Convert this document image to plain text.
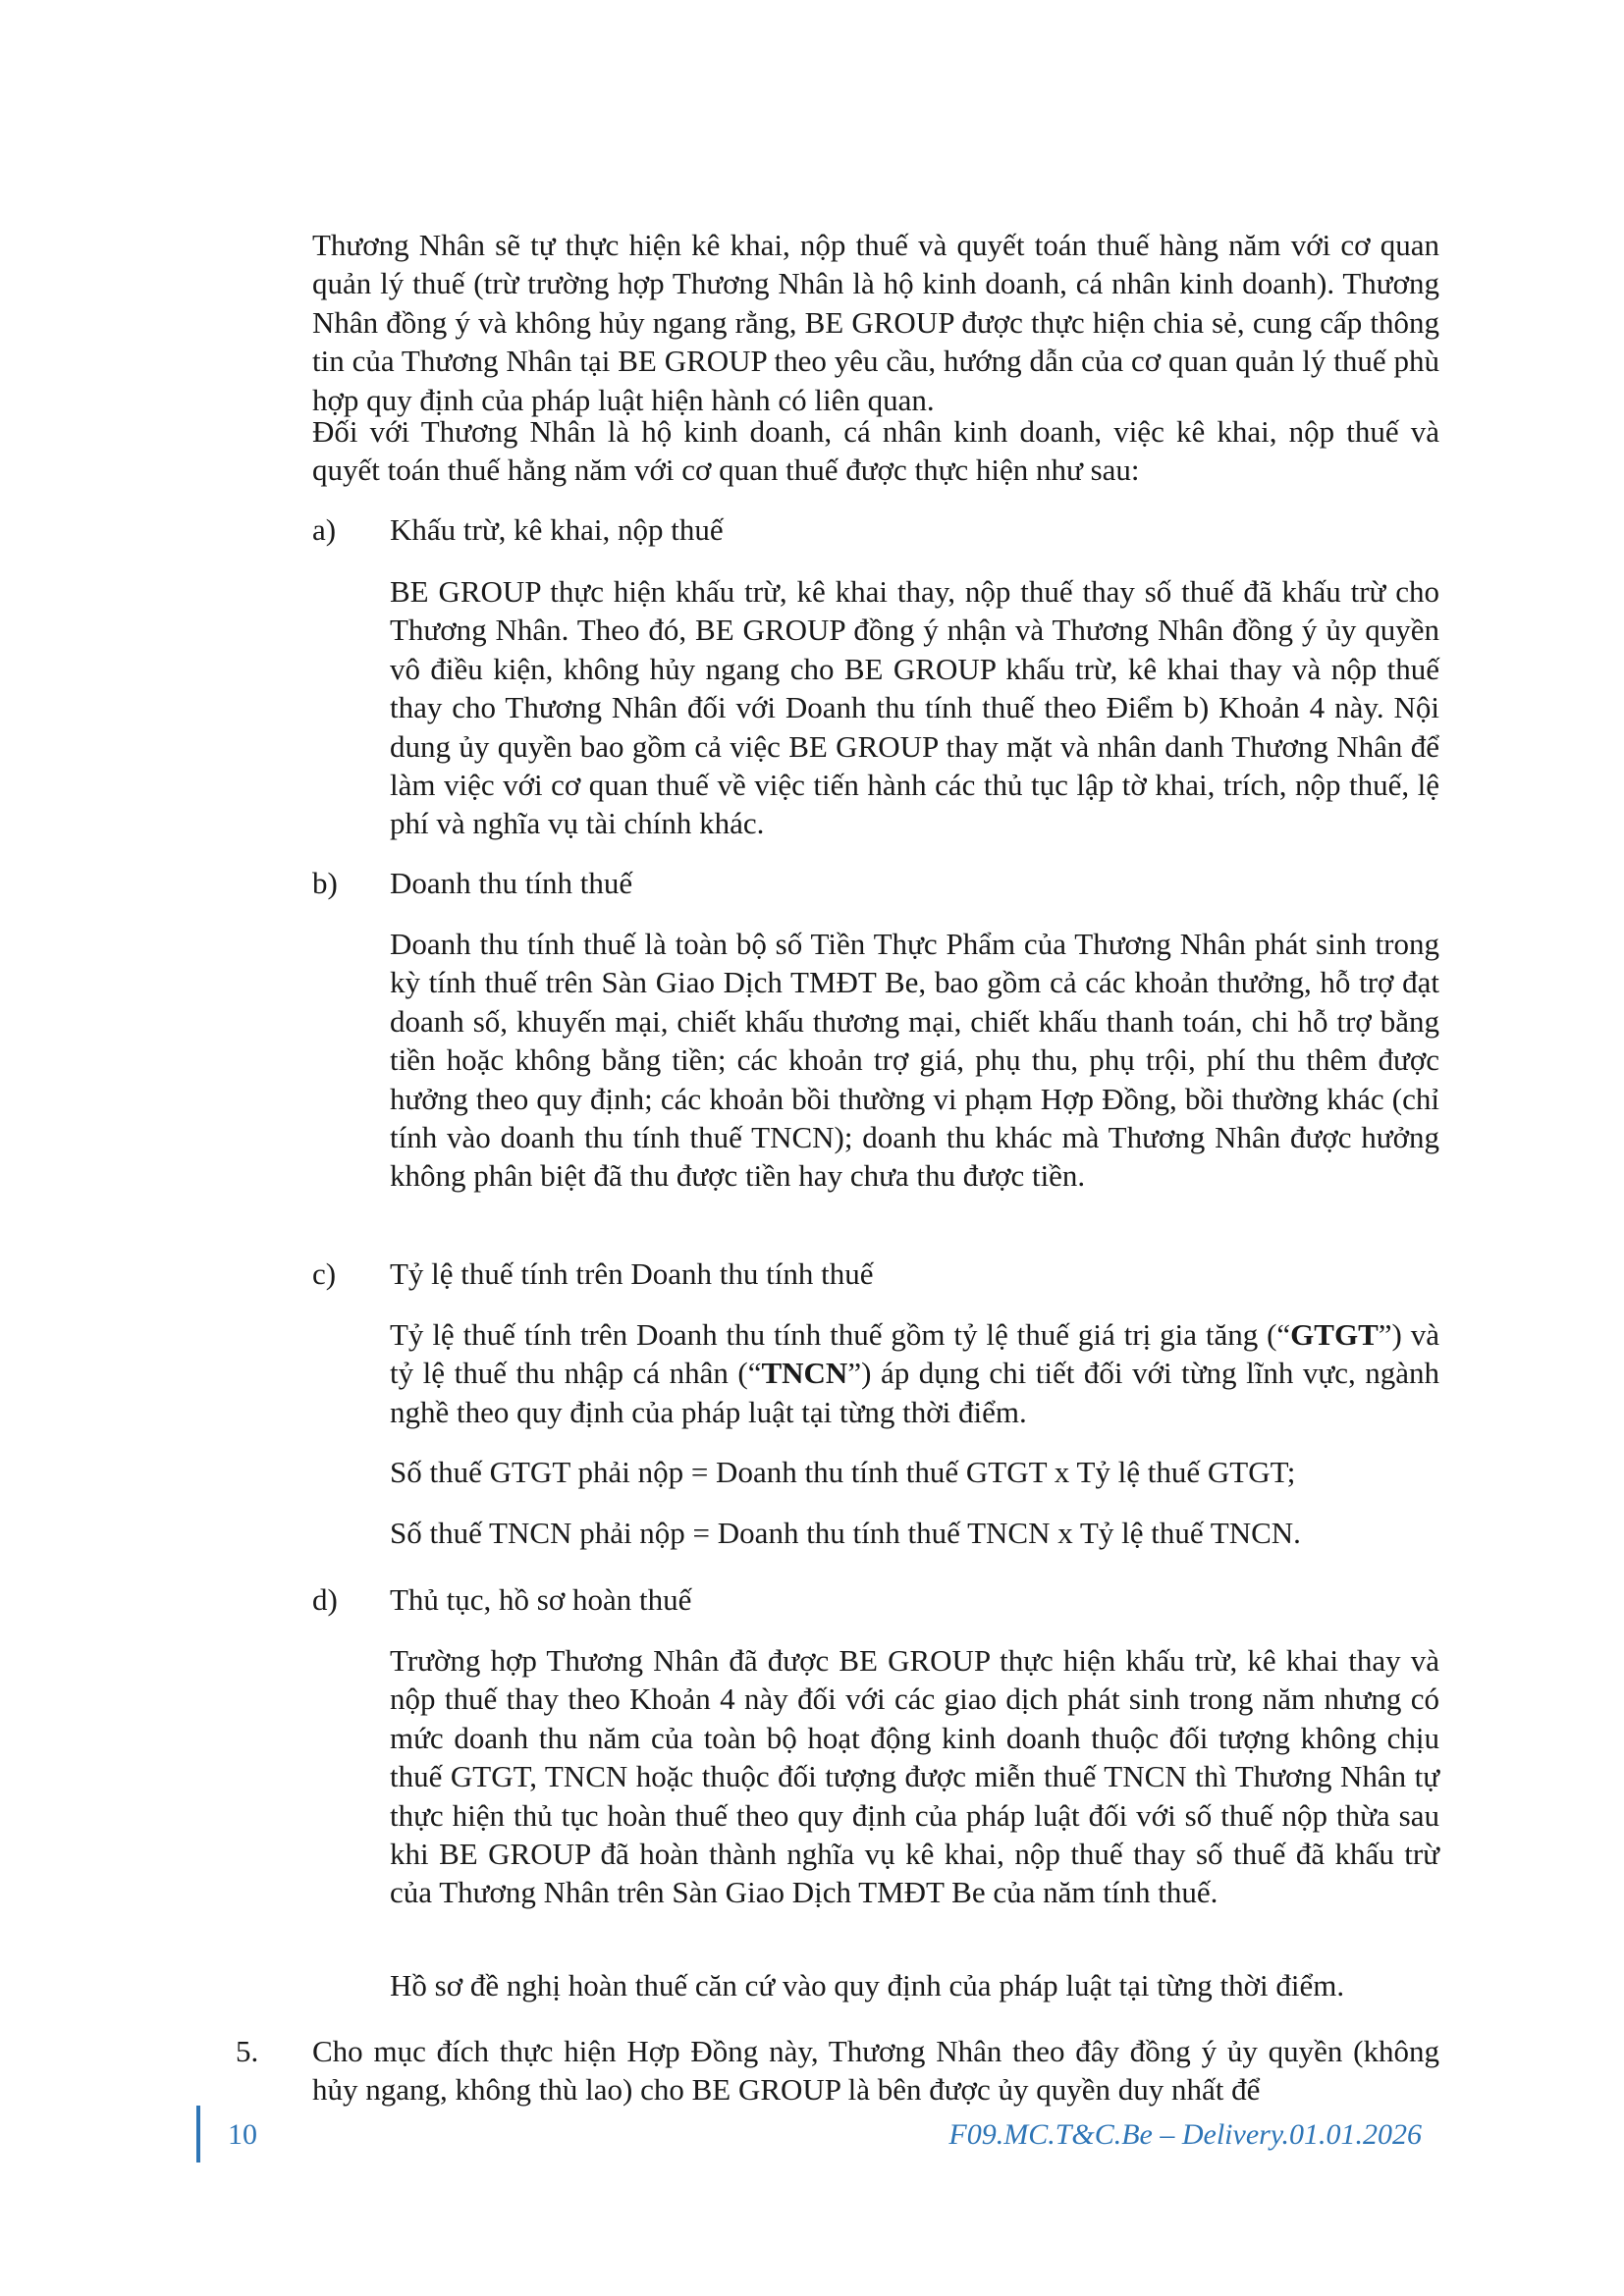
Thương Nhân sẽ tự thực hiện kê khai, nộp thuế và quyết toán thuế hàng năm với cơ quan quản lý thuế (trừ trường hợp Thương Nhân là hộ kinh doanh, cá nhân kinh doanh). Thương Nhân đồng ý và không hủy ngang rằng, BE GROUP được thực hiện chia sẻ, cung cấp thông tin của Thương Nhân tại BE GROUP theo yêu cầu, hướng dẫn của cơ quan quản lý thuế phù hợp quy định của pháp luật hiện hành có liên quan.

Đối với Thương Nhân là hộ kinh doanh, cá nhân kinh doanh, việc kê khai, nộp thuế và quyết toán thuế hằng năm với cơ quan thuế được thực hiện như sau:

a) Khấu trừ, kê khai, nộp thuế

BE GROUP thực hiện khấu trừ, kê khai thay, nộp thuế thay số thuế đã khấu trừ cho Thương Nhân. Theo đó, BE GROUP đồng ý nhận và Thương Nhân đồng ý ủy quyền vô điều kiện, không hủy ngang cho BE GROUP khấu trừ, kê khai thay và nộp thuế thay cho Thương Nhân đối với Doanh thu tính thuế theo Điểm b) Khoản 4 này. Nội dung ủy quyền bao gồm cả việc BE GROUP thay mặt và nhân danh Thương Nhân để làm việc với cơ quan thuế về việc tiến hành các thủ tục lập tờ khai, trích, nộp thuế, lệ phí và nghĩa vụ tài chính khác.

b) Doanh thu tính thuế

Doanh thu tính thuế là toàn bộ số Tiền Thực Phẩm của Thương Nhân phát sinh trong kỳ tính thuế trên Sàn Giao Dịch TMĐT Be, bao gồm cả các khoản thưởng, hỗ trợ đạt doanh số, khuyến mại, chiết khấu thương mại, chiết khấu thanh toán, chi hỗ trợ bằng tiền hoặc không bằng tiền; các khoản trợ giá, phụ thu, phụ trội, phí thu thêm được hưởng theo quy định; các khoản bồi thường vi phạm Hợp Đồng, bồi thường khác (chỉ tính vào doanh thu tính thuế TNCN); doanh thu khác mà Thương Nhân được hưởng không phân biệt đã thu được tiền hay chưa thu được tiền.

c) Tỷ lệ thuế tính trên Doanh thu tính thuế

Tỷ lệ thuế tính trên Doanh thu tính thuế gồm tỷ lệ thuế giá trị gia tăng (“GTGT”) và tỷ lệ thuế thu nhập cá nhân (“TNCN”) áp dụng chi tiết đối với từng lĩnh vực, ngành nghề theo quy định của pháp luật tại từng thời điểm.

Số thuế GTGT phải nộp = Doanh thu tính thuế GTGT x Tỷ lệ thuế GTGT;

Số thuế TNCN phải nộp = Doanh thu tính thuế TNCN x Tỷ lệ thuế TNCN.

d) Thủ tục, hồ sơ hoàn thuế

Trường hợp Thương Nhân đã được BE GROUP thực hiện khấu trừ, kê khai thay và nộp thuế thay theo Khoản 4 này đối với các giao dịch phát sinh trong năm nhưng có mức doanh thu năm của toàn bộ hoạt động kinh doanh thuộc đối tượng không chịu thuế GTGT, TNCN hoặc thuộc đối tượng được miễn thuế TNCN thì Thương Nhân tự thực hiện thủ tục hoàn thuế theo quy định của pháp luật đối với số thuế nộp thừa sau khi BE GROUP đã hoàn thành nghĩa vụ kê khai, nộp thuế thay số thuế đã khấu trừ của Thương Nhân trên Sàn Giao Dịch TMĐT Be của năm tính thuế.

Hồ sơ đề nghị hoàn thuế căn cứ vào quy định của pháp luật tại từng thời điểm.

5. Cho mục đích thực hiện Hợp Đồng này, Thương Nhân theo đây đồng ý ủy quyền (không hủy ngang, không thù lao) cho BE GROUP là bên được ủy quyền duy nhất để

10	F09.MC.T&C.Be – Delivery.01.01.2026
